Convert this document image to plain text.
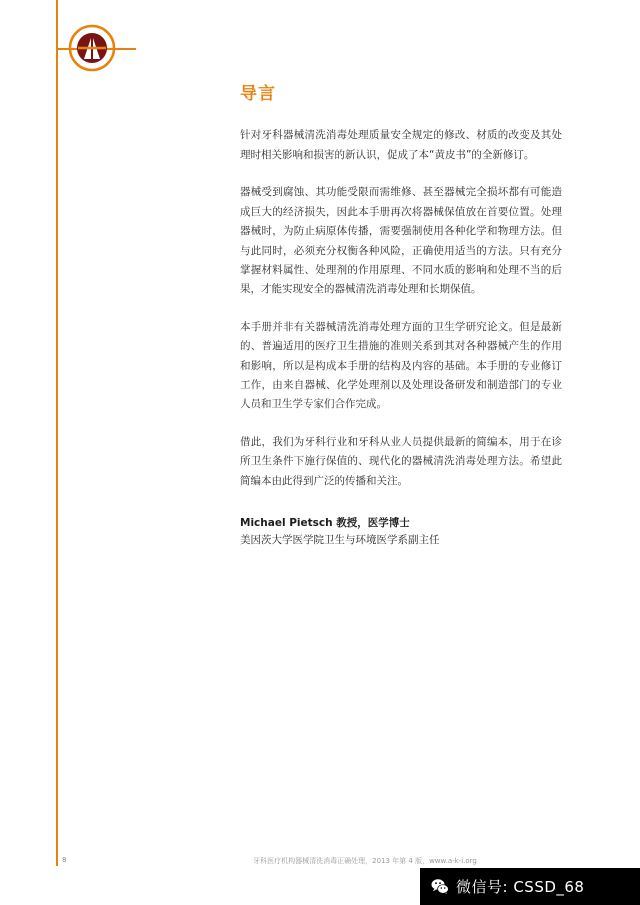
导言

针对牙科器械清洗消毒处理质量安全规定的修改、材质的改变及其处理时相关影响和损害的新认识，促成了本“黄皮书”的全新修订。

器械受到腐蚀、其功能受限而需维修、甚至器械完全损坏都有可能造成巨大的经济损失，因此本手册再次将器械保值放在首要位置。处理器械时，为防止病原体传播，需要强制使用各种化学和物理方法。但与此同时，必须充分权衡各种风险，正确使用适当的方法。只有充分掌握材料属性、处理剂的作用原理、不同水质的影响和处理不当的后果，才能实现安全的器械清洗消毒处理和长期保值。

本手册并非有关器械清洗消毒处理方面的卫生学研究论文。但是最新的、普遍适用的医疗卫生措施的准则关系到其对各种器械产生的作用和影响，所以是构成本手册的结构及内容的基础。本手册的专业修订工作，由来自器械、化学处理剂以及处理设备研发和制造部门的专业人员和卫生学专家们合作完成。

借此，我们为牙科行业和牙科从业人员提供最新的简编本，用于在诊所卫生条件下施行保值的、现代化的器械清洗消毒处理方法。希望此简编本由此得到广泛的传播和关注。

Michael Pietsch 教授，医学博士

美因茨大学医学院卫生与环境医学系副主任

8	牙科医疗机构器械清洗消毒正确处理，2013 年第 4 版，www.a-k-i.org
微信号: CSSD_68
